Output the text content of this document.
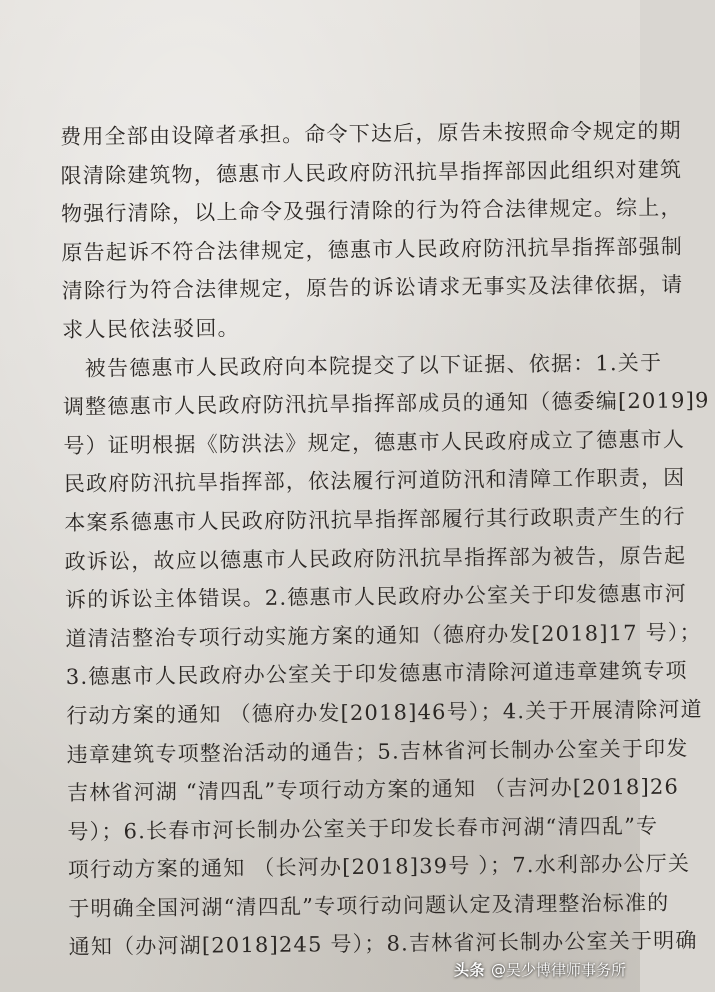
费用全部由设障者承担。命令下达后，原告未按照命令规定的期
限清除建筑物，德惠市人民政府防汛抗旱指挥部因此组织对建筑
物强行清除，以上命令及强行清除的行为符合法律规定。综上，
原告起诉不符合法律规定，德惠市人民政府防汛抗旱指挥部强制
清除行为符合法律规定，原告的诉讼请求无事实及法律依据，请
求人民依法驳回。
　被告德惠市人民政府向本院提交了以下证据、依据：1.关于
调整德惠市人民政府防汛抗旱指挥部成员的通知（德委编[2019]9
号）证明根据《防洪法》规定，德惠市人民政府成立了德惠市人
民政府防汛抗旱指挥部，依法履行河道防汛和清障工作职责，因
本案系德惠市人民政府防汛抗旱指挥部履行其行政职责产生的行
政诉讼，故应以德惠市人民政府防汛抗旱指挥部为被告，原告起
诉的诉讼主体错误。2.德惠市人民政府办公室关于印发德惠市河
道清洁整治专项行动实施方案的通知（德府办发[2018]17 号）；
3.德惠市人民政府办公室关于印发德惠市清除河道违章建筑专项
行动方案的通知 （德府办发[2018]46号）；4.关于开展清除河道
违章建筑专项整治活动的通告；5.吉林省河长制办公室关于印发
吉林省河湖 “清四乱”专项行动方案的通知 （吉河办[2018]26
号）；6.长春市河长制办公室关于印发长春市河湖“清四乱”专
项行动方案的通知 （长河办[2018]39号 ）；7.水利部办公厅关
于明确全国河湖“清四乱”专项行动问题认定及清理整治标准的
通知（办河湖[2018]245 号）；8.吉林省河长制办公室关于明确
头条 @吴少博律师事务所
